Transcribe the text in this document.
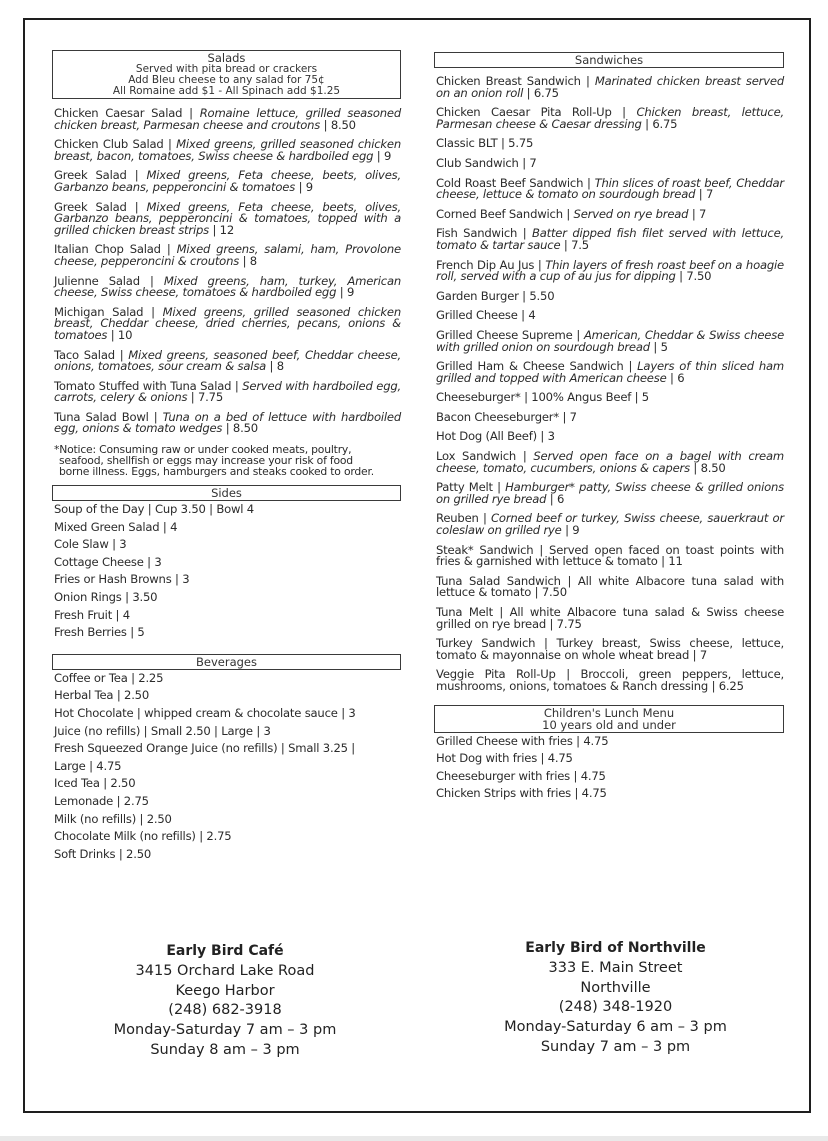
Salads
Served with pita bread or crackers
Add Bleu cheese to any salad for 75¢
All Romaine add $1 - All Spinach add $1.25
Chicken Caesar Salad | Romaine lettuce, grilled seasoned chicken breast, Parmesan cheese and croutons | 8.50
Chicken Club Salad | Mixed greens, grilled seasoned chicken breast, bacon, tomatoes, Swiss cheese & hardboiled egg | 9
Greek Salad | Mixed greens, Feta cheese, beets, olives, Garbanzo beans, pepperoncini & tomatoes | 9
Greek Salad | Mixed greens, Feta cheese, beets, olives, Garbanzo beans, pepperoncini & tomatoes, topped with a grilled chicken breast strips | 12
Italian Chop Salad | Mixed greens, salami, ham, Provolone cheese, pepperoncini & croutons | 8
Julienne Salad | Mixed greens, ham, turkey, American cheese, Swiss cheese, tomatoes & hardboiled egg | 9
Michigan Salad | Mixed greens, grilled seasoned chicken breast, Cheddar cheese, dried cherries, pecans, onions & tomatoes | 10
Taco Salad | Mixed greens, seasoned beef, Cheddar cheese, onions, tomatoes, sour cream & salsa | 8
Tomato Stuffed with Tuna Salad | Served with hardboiled egg, carrots, celery & onions | 7.75
Tuna Salad Bowl | Tuna on a bed of lettuce with hardboiled egg, onions & tomato wedges | 8.50
*Notice: Consuming raw or under cooked meats, poultry,
seafood, shellfish or eggs may increase your risk of food
borne illness. Eggs, hamburgers and steaks cooked to order.
Sides
Soup of the Day | Cup 3.50 | Bowl 4
Mixed Green Salad | 4
Cole Slaw | 3
Cottage Cheese | 3
Fries or Hash Browns | 3
Onion Rings | 3.50
Fresh Fruit | 4
Fresh Berries | 5
Beverages
Coffee or Tea | 2.25
Herbal Tea | 2.50
Hot Chocolate | whipped cream & chocolate sauce | 3
Juice (no refills) | Small 2.50 | Large | 3
Fresh Squeezed Orange Juice (no refills) | Small 3.25 |
Large | 4.75
Iced Tea | 2.50
Lemonade | 2.75
Milk (no refills) | 2.50
Chocolate Milk (no refills) | 2.75
Soft Drinks | 2.50
Sandwiches
Chicken Breast Sandwich | Marinated chicken breast served on an onion roll | 6.75
Chicken Caesar Pita Roll-Up | Chicken breast, lettuce, Parmesan cheese & Caesar dressing | 6.75
Classic BLT | 5.75
Club Sandwich | 7
Cold Roast Beef Sandwich | Thin slices of roast beef, Cheddar cheese, lettuce & tomato on sourdough bread | 7
Corned Beef Sandwich | Served on rye bread | 7
Fish Sandwich | Batter dipped fish filet served with lettuce, tomato & tartar sauce | 7.5
French Dip Au Jus | Thin layers of fresh roast beef on a hoagie roll, served with a cup of au jus for dipping | 7.50
Garden Burger | 5.50
Grilled Cheese | 4
Grilled Cheese Supreme | American, Cheddar & Swiss cheese with grilled onion on sourdough bread | 5
Grilled Ham & Cheese Sandwich | Layers of thin sliced ham grilled and topped with American cheese | 6
Cheeseburger* | 100% Angus Beef | 5
Bacon Cheeseburger* | 7
Hot Dog (All Beef) | 3
Lox Sandwich | Served open face on a bagel with cream cheese, tomato, cucumbers, onions & capers | 8.50
Patty Melt | Hamburger* patty, Swiss cheese & grilled onions on grilled rye bread | 6
Reuben | Corned beef or turkey, Swiss cheese, sauerkraut or coleslaw on grilled rye | 9
Steak* Sandwich | Served open faced on toast points with fries & garnished with lettuce & tomato | 11
Tuna Salad Sandwich | All white Albacore tuna salad with lettuce & tomato | 7.50
Tuna Melt | All white Albacore tuna salad & Swiss cheese grilled on rye bread | 7.75
Turkey Sandwich | Turkey breast, Swiss cheese, lettuce, tomato & mayonnaise on whole wheat bread | 7
Veggie Pita Roll-Up | Broccoli, green peppers, lettuce, mushrooms, onions, tomatoes & Ranch dressing | 6.25
Children's Lunch Menu
10 years old and under
Grilled Cheese with fries | 4.75
Hot Dog with fries | 4.75
Cheeseburger with fries | 4.75
Chicken Strips with fries | 4.75
Early Bird Café
3415 Orchard Lake Road
Keego Harbor
(248) 682-3918
Monday-Saturday 7 am – 3 pm
Sunday 8 am – 3 pm
Early Bird of Northville
333 E. Main Street
Northville
(248) 348-1920
Monday-Saturday 6 am – 3 pm
Sunday 7 am – 3 pm
